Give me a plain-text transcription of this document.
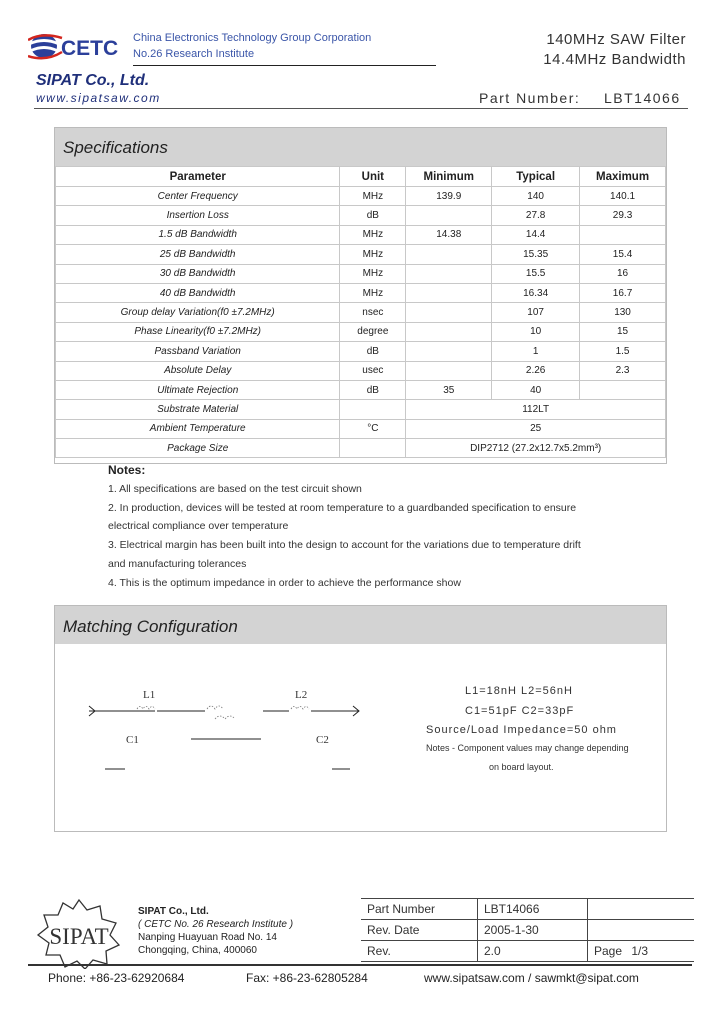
CETC China Electronics Technology Group Corporation
No.26 Research Institute
SIPAT Co., Ltd.
www.sipatsaw.com
140MHz SAW Filter
14.4MHz Bandwidth
Part Number: LBT14066
Specifications
Parameter	Unit	Minimum	Typical	Maximum
Center Frequency	MHz	139.9	140	140.1
Insertion Loss	dB		27.8	29.3
1.5 dB Bandwidth	MHz	14.38	14.4	
25 dB Bandwidth	MHz		15.35	15.4
30 dB Bandwidth	MHz		15.5	16
40 dB Bandwidth	MHz		16.34	16.7
Group delay Variation(f0 ±7.2MHz)	nsec		107	130
Phase Linearity(f0 ±7.2MHz)	degree		10	15
Passband Variation	dB		1	1.5
Absolute Delay	usec		2.26	2.3
Ultimate Rejection	dB	35	40	
Substrate Material		112LT		
Ambient Temperature	°C	25		
Package Size		DIP2712 (27.2x12.7x5.2mm³)		
Notes:
1. All specifications are based on the test circuit shown
2. In production, devices will be tested at room temperature to a guardbanded specification to ensure
electrical compliance over temperature
3. Electrical margin has been built into the design to account for the variations due to temperature drift
and manufacturing tolerances
4. This is the optimum impedance in order to achieve the performance show
Matching Configuration
L1
C1
L2
C2
L1=18nH L2=56nH
C1=51pF C2=33pF
Source/Load Impedance=50 ohm
Notes - Component values may change depending
on board layout.
SIPAT
SIPAT Co., Ltd.
( CETC No. 26 Research Institute )
Nanping Huayuan Road No. 14
Chongqing, China, 400060
Part Number	LBT14066	
Rev. Date	2005-1-30	
Rev.	2.0	Page 1/3
Phone: +86-23-62920684	Fax: +86-23-62805284	www.sipatsaw.com / sawmkt@sipat.com
